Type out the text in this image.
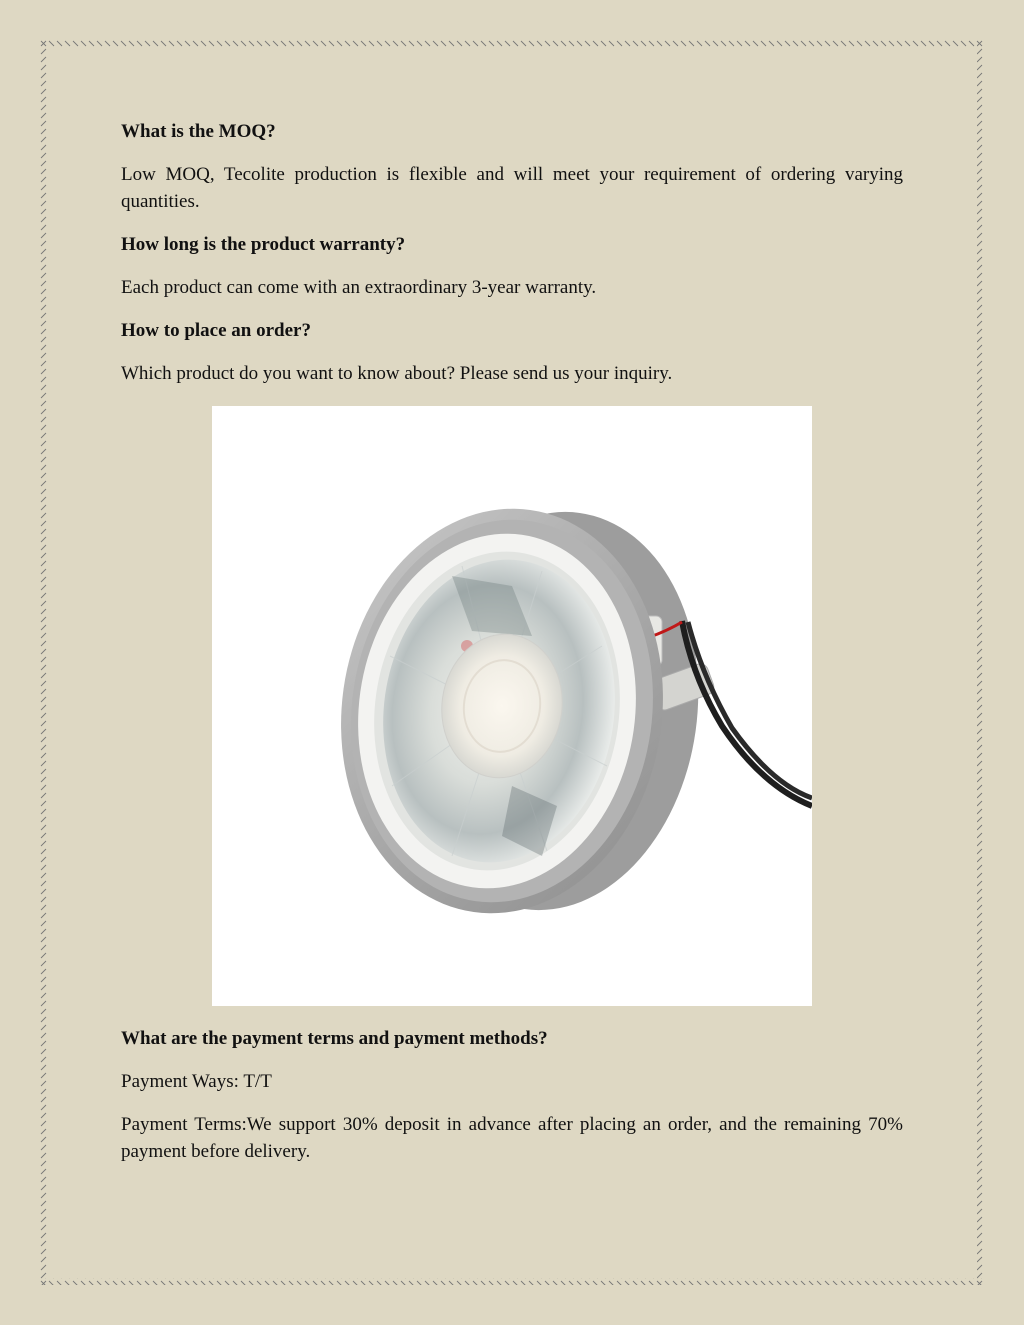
What is the MOQ?

Low MOQ, Tecolite production is flexible and will meet your requirement of ordering varying quantities.

How long is the product warranty?

Each product can come with an extraordinary 3-year warranty.

How to place an order?

Which product do you want to know about? Please send us your inquiry.

What are the payment terms and payment methods?

Payment Ways: T/T

Payment Terms:We support 30% deposit in advance after placing an order, and the remaining 70% payment before delivery.
